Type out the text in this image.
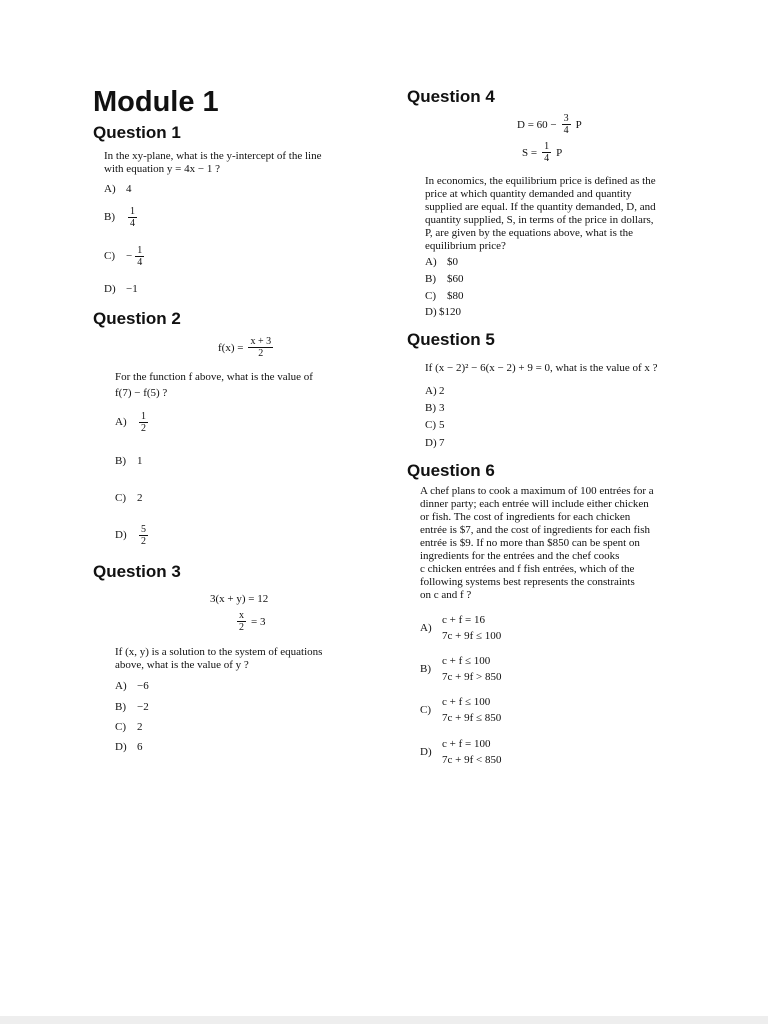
Module 1
Question 1

In the xy-plane, what is the y-intercept of the line
with equation y = 4x − 1 ?

A) 4
B)	$\frac{1}{4}$
C)	− $\frac{1}{4}$
D) −1
Question 2
$f(x) = \frac{x + 3}{2}$

For the function f above, what is the value of
f(7) − f(5) ?

A)	$\frac{1}{2}$
B)	1
C)	2
D)	$\frac{5}{2}$
Question 3
3(x + y) = 12
$\frac{x}{2} = 3$

If (x, y) is a solution to the system of equations
above, what is the value of y ?

A) −6
B)	−2
C)	2
D) 6
Question 4
$D = 60 - \frac{3}{4}$ P
$S = \frac{1}{4}$ P

In economics, the equilibrium price is defined as the
price at which quantity demanded and quantity
supplied are equal. If the quantity demanded, D, and
quantity supplied, S, in terms of the price in dollars,
P, are given by the equations above, what is the
equilibrium price?

A) $0
B)	$60
C)	$80
D) $120
Question 5

If (x − 2)² − 6(x − 2) + 9 = 0, what is the value of x ?

A) 2
B) 3
C) 5
D) 7
Question 6

A chef plans to cook a maximum of 100 entrées for a
dinner party; each entrée will include either chicken
or fish. The cost of ingredients for each chicken
entrée is $7, and the cost of ingredients for each fish
entrée is $9. If no more than $850 can be spent on
ingredients for the entrées and the chef cooks
c chicken entrées and f fish entrées, which of the
following systems best represents the constraints
on c and f ?

A)
c + f = 16
7c + 9f ≤ 100
B)
c + f ≤ 100
7c + 9f > 850
C)
c + f ≤ 100
7c + 9f ≤ 850
D)
c + f = 100
7c + 9f < 850
